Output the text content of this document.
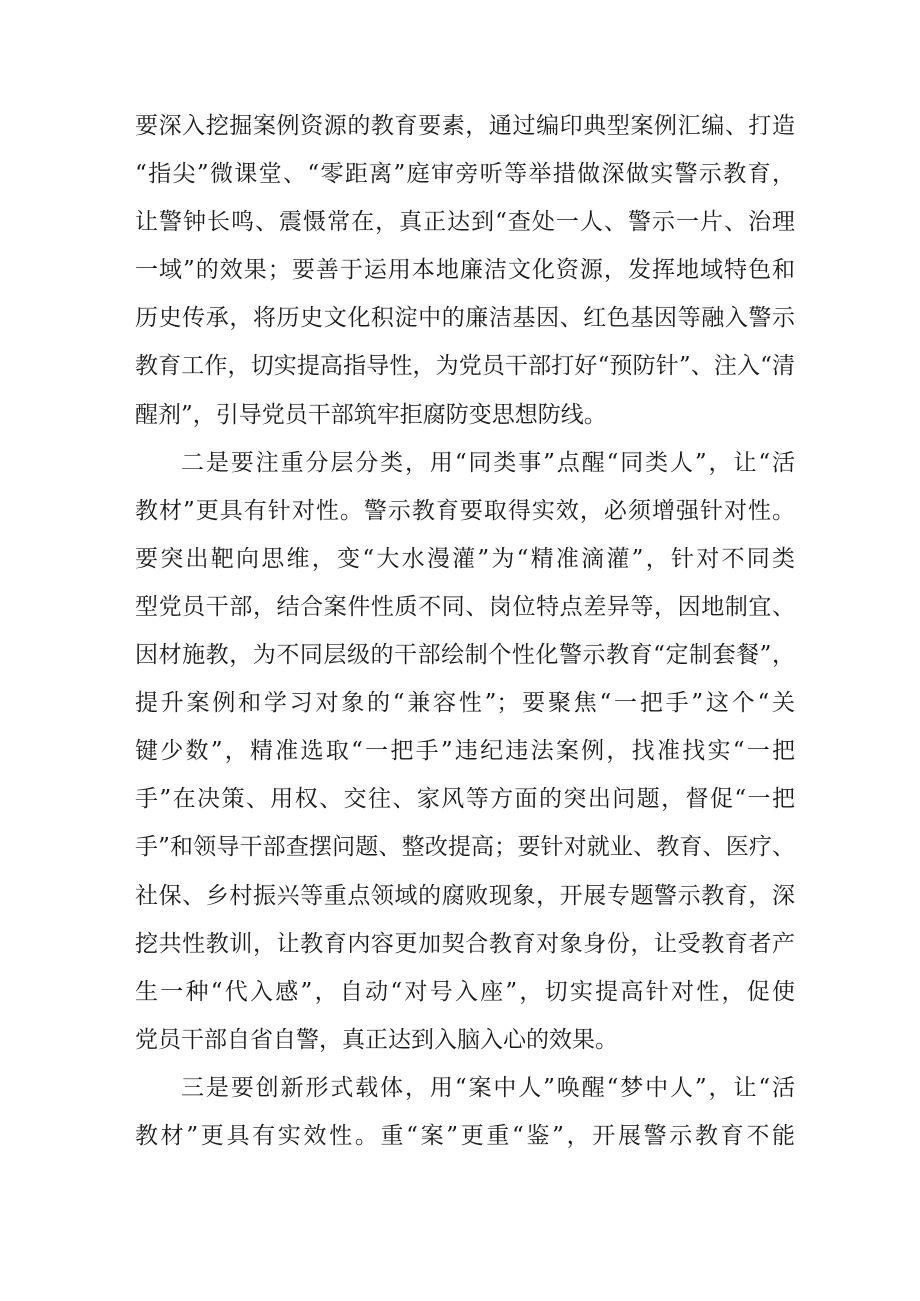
要深入挖掘案例资源的教育要素，通过编印典型案例汇编、打造
“指尖”微课堂、“零距离”庭审旁听等举措做深做实警示教育，
让警钟长鸣、震慑常在，真正达到“查处一人、警示一片、治理
一域”的效果；要善于运用本地廉洁文化资源，发挥地域特色和
历史传承，将历史文化积淀中的廉洁基因、红色基因等融入警示
教育工作，切实提高指导性，为党员干部打好“预防针”、注入“清
醒剂”，引导党员干部筑牢拒腐防变思想防线。

二是要注重分层分类，用“同类事”点醒“同类人”，让“活
教材”更具有针对性。警示教育要取得实效，必须增强针对性。
要突出靶向思维，变“大水漫灌”为“精准滴灌”，针对不同类
型党员干部，结合案件性质不同、岗位特点差异等，因地制宜、
因材施教，为不同层级的干部绘制个性化警示教育“定制套餐”，
提升案例和学习对象的“兼容性”；要聚焦“一把手”这个“关
键少数”，精准选取“一把手”违纪违法案例，找准找实“一把
手”在决策、用权、交往、家风等方面的突出问题，督促“一把
手”和领导干部查摆问题、整改提高；要针对就业、教育、医疗、
社保、乡村振兴等重点领域的腐败现象，开展专题警示教育，深
挖共性教训，让教育内容更加契合教育对象身份，让受教育者产
生一种“代入感”，自动“对号入座”，切实提高针对性，促使
党员干部自省自警，真正达到入脑入心的效果。

三是要创新形式载体，用“案中人”唤醒“梦中人”，让“活
教材”更具有实效性。重“案”更重“鉴”，开展警示教育不能
